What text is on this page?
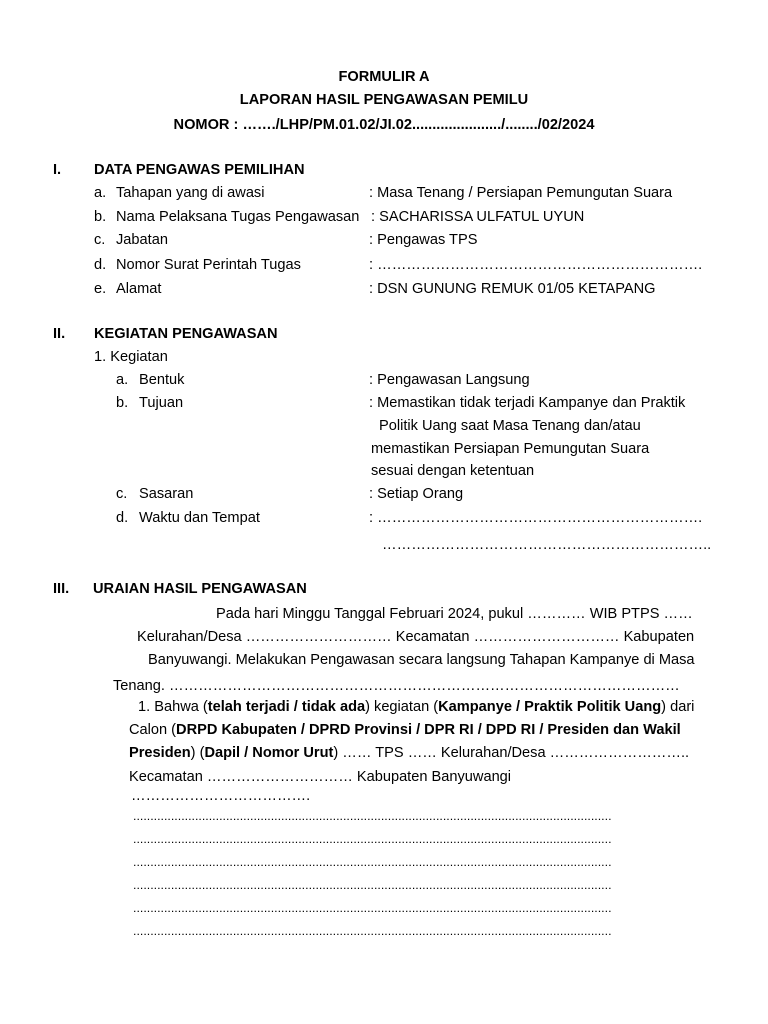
FORMULIR A
LAPORAN HASIL PENGAWASAN PEMILU
NOMOR : ……./LHP/PM.01.02/JI.02....................../......../02/2024
I. DATA PENGAWAS PEMILIHAN
a. Tahapan yang di awasi	: Masa Tenang / Persiapan Pemungutan Suara
b. Nama Pelaksana Tugas Pengawasan : SACHARISSA ULFATUL UYUN
c. Jabatan	: Pengawas TPS
d. Nomor Surat Perintah Tugas	: ………………………………………………………….
e. Alamat	: DSN GUNUNG REMUK 01/05 KETAPANG
II. KEGIATAN PENGAWASAN
1. Kegiatan
a. Bentuk	: Pengawasan Langsung
b. Tujuan	: Memastikan tidak terjadi Kampanye dan Praktik
Politik Uang saat Masa Tenang dan/atau
memastikan Persiapan Pemungutan Suara
sesuai dengan ketentuan
c. Sasaran	: Setiap Orang
d. Waktu dan Tempat	: ………………………………………………………….
…………………………………………………………..
III. URAIAN HASIL PENGAWASAN
Pada hari Minggu Tanggal Februari 2024, pukul ………… WIB PTPS ……
Kelurahan/Desa ………………………… Kecamatan ………………………… Kabupaten
Banyuwangi. Melakukan Pengawasan secara langsung Tahapan Kampanye di Masa
Tenang. ……………………………………………………………………………………………
1. Bahwa (telah terjadi / tidak ada) kegiatan (Kampanye / Praktik Politik Uang) dari
Calon (DRPD Kabupaten / DPRD Provinsi / DPR RI / DPD RI / Presiden dan Wakil
Presiden) (Dapil / Nomor Urut) …… TPS …… Kelurahan/Desa ………………………..
Kecamatan ………………………… Kabupaten Banyuwangi
……………………………….
...........................................................................................................................................
...........................................................................................................................................
...........................................................................................................................................
...........................................................................................................................................
...........................................................................................................................................
...........................................................................................................................................
